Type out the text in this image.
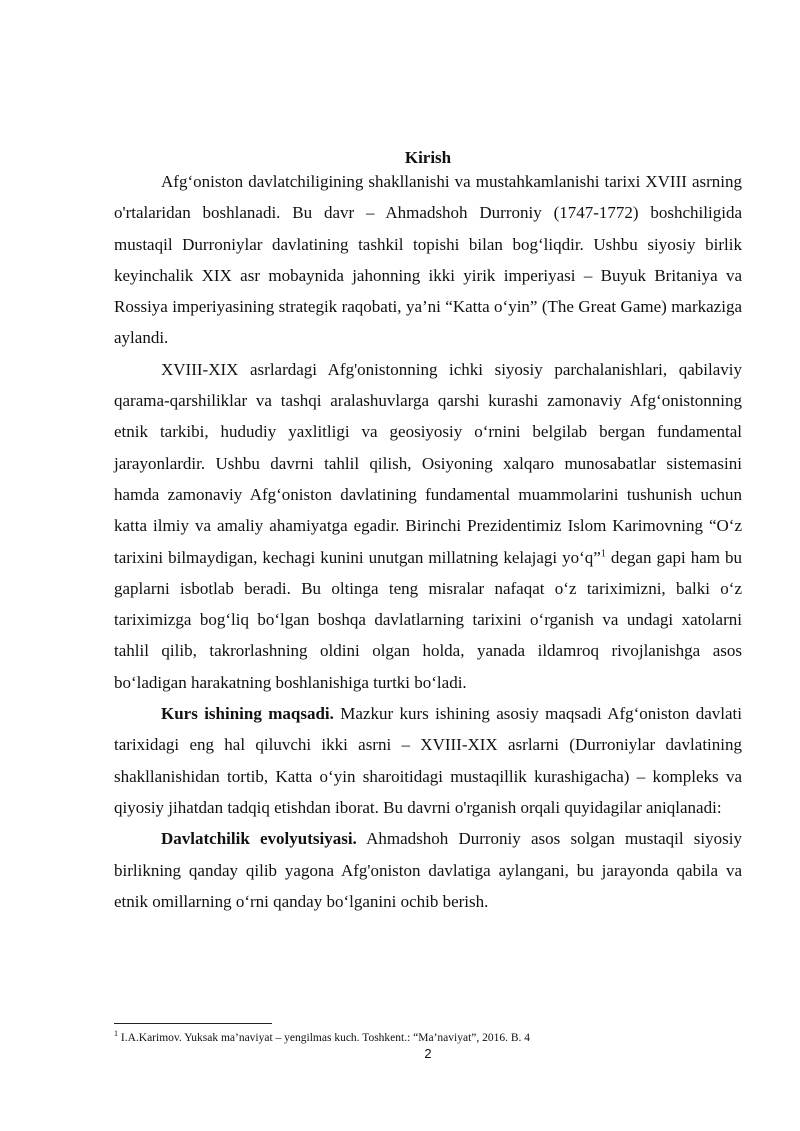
Kirish

Afg‘oniston davlatchiligining shakllanishi va mustahkamlanishi tarixi XVIII asrning o'rtalaridan boshlanadi. Bu davr – Ahmadshoh Durroniy (1747-1772) boshchiligida mustaqil Durroniylar davlatining tashkil topishi bilan bog‘liqdir. Ushbu siyosiy birlik keyinchalik XIX asr mobaynida jahonning ikki yirik imperiyasi – Buyuk Britaniya va Rossiya imperiyasining strategik raqobati, ya’ni “Katta o‘yin” (The Great Game) markaziga aylandi.

XVIII-XIX asrlardagi Afg'onistonning ichki siyosiy parchalanishlari, qabilaviy qarama-qarshiliklar va tashqi aralashuvlarga qarshi kurashi zamonaviy Afg‘onistonning etnik tarkibi, hududiy yaxlitligi va geosiyosiy o‘rnini belgilab bergan fundamental jarayonlardir. Ushbu davrni tahlil qilish, Osiyoning xalqaro munosabatlar sistemasini hamda zamonaviy Afg‘oniston davlatining fundamental muammolarini tushunish uchun katta ilmiy va amaliy ahamiyatga egadir. Birinchi Prezidentimiz Islom Karimovning “O‘z tarixini bilmaydigan, kechagi kunini unutgan millatning kelajagi yo‘q”$^1$ degan gapi ham bu gaplarni isbotlab beradi. Bu oltinga teng misralar nafaqat o‘z tariximizni, balki o‘z tariximizga bog‘liq bo‘lgan boshqa davlatlarning tarixini o‘rganish va undagi xatolarni tahlil qilib, takrorlashning oldini olgan holda, yanada ildamroq rivojlanishga asos bo‘ladigan harakatning boshlanishiga turtki bo‘ladi.

Kurs ishining maqsadi. Mazkur kurs ishining asosiy maqsadi Afg‘oniston davlati tarixidagi eng hal qiluvchi ikki asrni – XVIII-XIX asrlarni (Durroniylar davlatining shakllanishidan tortib, Katta o‘yin sharoitidagi mustaqillik kurashigacha) – kompleks va qiyosiy jihatdan tadqiq etishdan iborat. Bu davrni o'rganish orqali quyidagilar aniqlanadi:

Davlatchilik evolyutsiyasi. Ahmadshoh Durroniy asos solgan mustaqil siyosiy birlikning qanday qilib yagona Afg'oniston davlatiga aylangani, bu jarayonda qabila va etnik omillarning o‘rni qanday bo‘lganini ochib berish.

$^1$ I.A.Karimov. Yuksak ma’naviyat – yengilmas kuch. Toshkent.: “Ma’naviyat”, 2016. B. 4

2
